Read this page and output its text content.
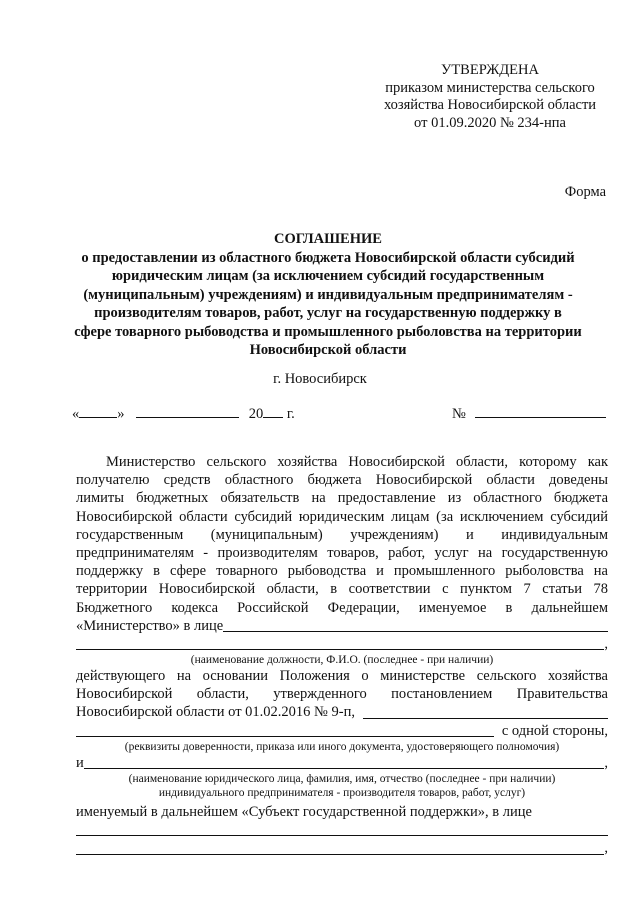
УТВЕРЖДЕНА
приказом министерства сельского
хозяйства Новосибирской области
от 01.09.2020 № 234-нпа
Форма
СОГЛАШЕНИЕ
о предоставлении из областного бюджета Новосибирской области субсидий
юридическим лицам (за исключением субсидий государственным
(муниципальным) учреждениям) и индивидуальным предпринимателям -
производителям товаров, работ, услуг на государственную поддержку в
сфере товарного рыбоводства и промышленного рыболовства на территории
Новосибирской области
г. Новосибирск
«	»	20 г.	№
Министерство сельского хозяйства Новосибирской области, которому как
получателю средств областного бюджета Новосибирской области доведены
лимиты бюджетных обязательств на предоставление из областного бюджета
Новосибирской области субсидий юридическим лицам (за исключением субсидий
государственным (муниципальным) учреждениям) и индивидуальным
предпринимателям - производителям товаров, работ, услуг на государственную
поддержку в сфере товарного рыбоводства и промышленного рыболовства на
территории Новосибирской области, в соответствии с пунктом 7 статьи 78
Бюджетного кодекса Российской Федерации, именуемое в дальнейшем
«Министерство» в лице
,
(наименование должности, Ф.И.О. (последнее - при наличии)
действующего на основании Положения о министерстве сельского хозяйства
Новосибирской области, утвержденного постановлением Правительства
Новосибирской области от 01.02.2016 № 9-п,
с одной стороны,
(реквизиты доверенности, приказа или иного документа, удостоверяющего полномочия)
и	,
(наименование юридического лица, фамилия, имя, отчество (последнее - при наличии)
индивидуального предпринимателя - производителя товаров, работ, услуг)
именуемый в дальнейшем «Субъект государственной поддержки», в лице
,
